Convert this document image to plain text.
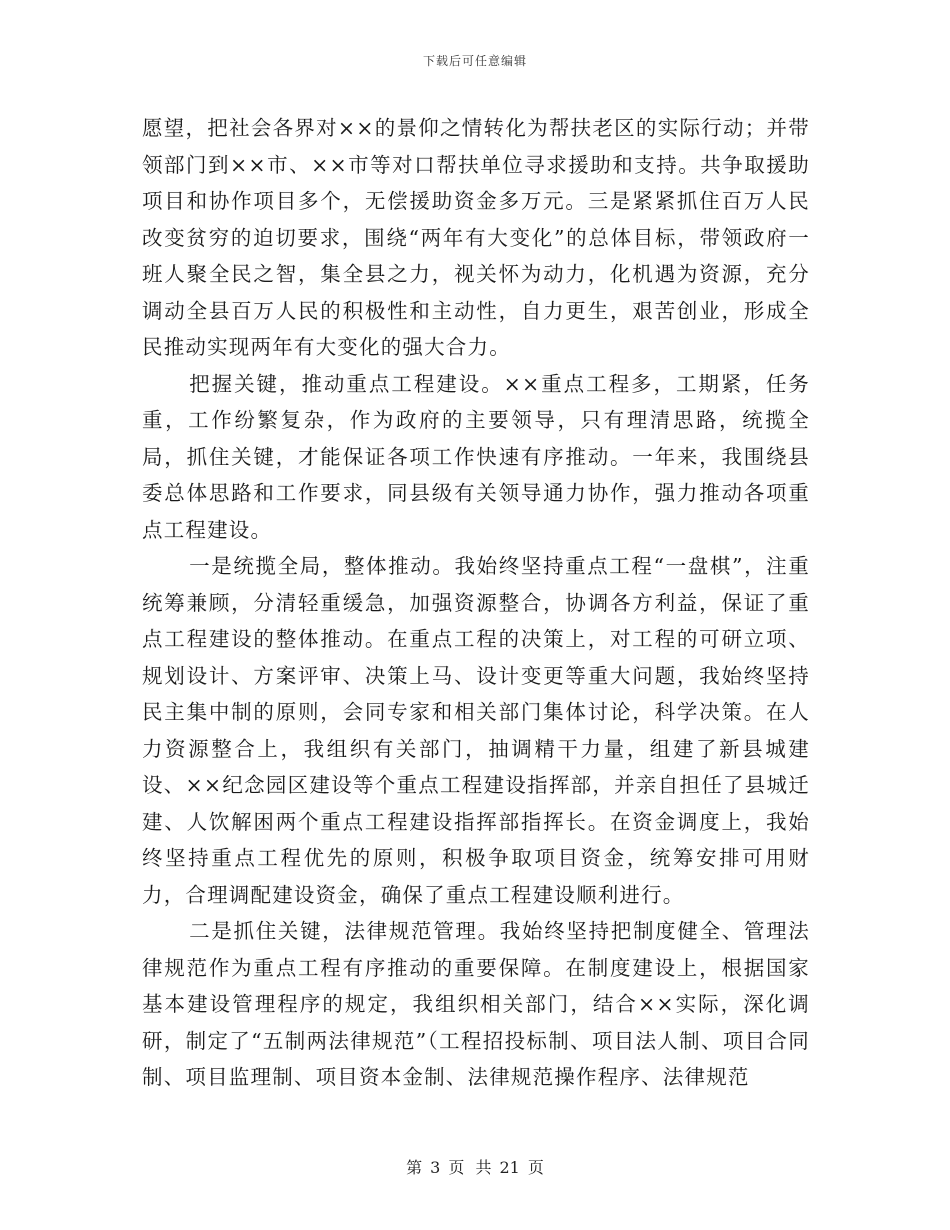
下载后可任意编辑

愿望，把社会各界对××的景仰之情转化为帮扶老区的实际行动；并带领部门到××市、××市等对口帮扶单位寻求援助和支持。共争取援助项目和协作项目多个，无偿援助资金多万元。三是紧紧抓住百万人民改变贫穷的迫切要求，围绕“两年有大变化”的总体目标，带领政府一班人聚全民之智，集全县之力，视关怀为动力，化机遇为资源，充分调动全县百万人民的积极性和主动性，自力更生，艰苦创业，形成全民推动实现两年有大变化的强大合力。

把握关键，推动重点工程建设。××重点工程多，工期紧，任务重，工作纷繁复杂，作为政府的主要领导，只有理清思路，统揽全局，抓住关键，才能保证各项工作快速有序推动。一年来，我围绕县委总体思路和工作要求，同县级有关领导通力协作，强力推动各项重点工程建设。

一是统揽全局，整体推动。我始终坚持重点工程“一盘棋”，注重统筹兼顾，分清轻重缓急，加强资源整合，协调各方利益，保证了重点工程建设的整体推动。在重点工程的决策上，对工程的可研立项、规划设计、方案评审、决策上马、设计变更等重大问题，我始终坚持民主集中制的原则，会同专家和相关部门集体讨论，科学决策。在人力资源整合上，我组织有关部门，抽调精干力量，组建了新县城建设、××纪念园区建设等个重点工程建设指挥部，并亲自担任了县城迁建、人饮解困两个重点工程建设指挥部指挥长。在资金调度上，我始终坚持重点工程优先的原则，积极争取项目资金，统筹安排可用财力，合理调配建设资金，确保了重点工程建设顺利进行。

二是抓住关键，法律规范管理。我始终坚持把制度健全、管理法律规范作为重点工程有序推动的重要保障。在制度建设上，根据国家基本建设管理程序的规定，我组织相关部门，结合××实际，深化调研，制定了“五制两法律规范”（工程招投标制、项目法人制、项目合同制、项目监理制、项目资本金制、法律规范操作程序、法律规范

第 3 页 共 21 页
